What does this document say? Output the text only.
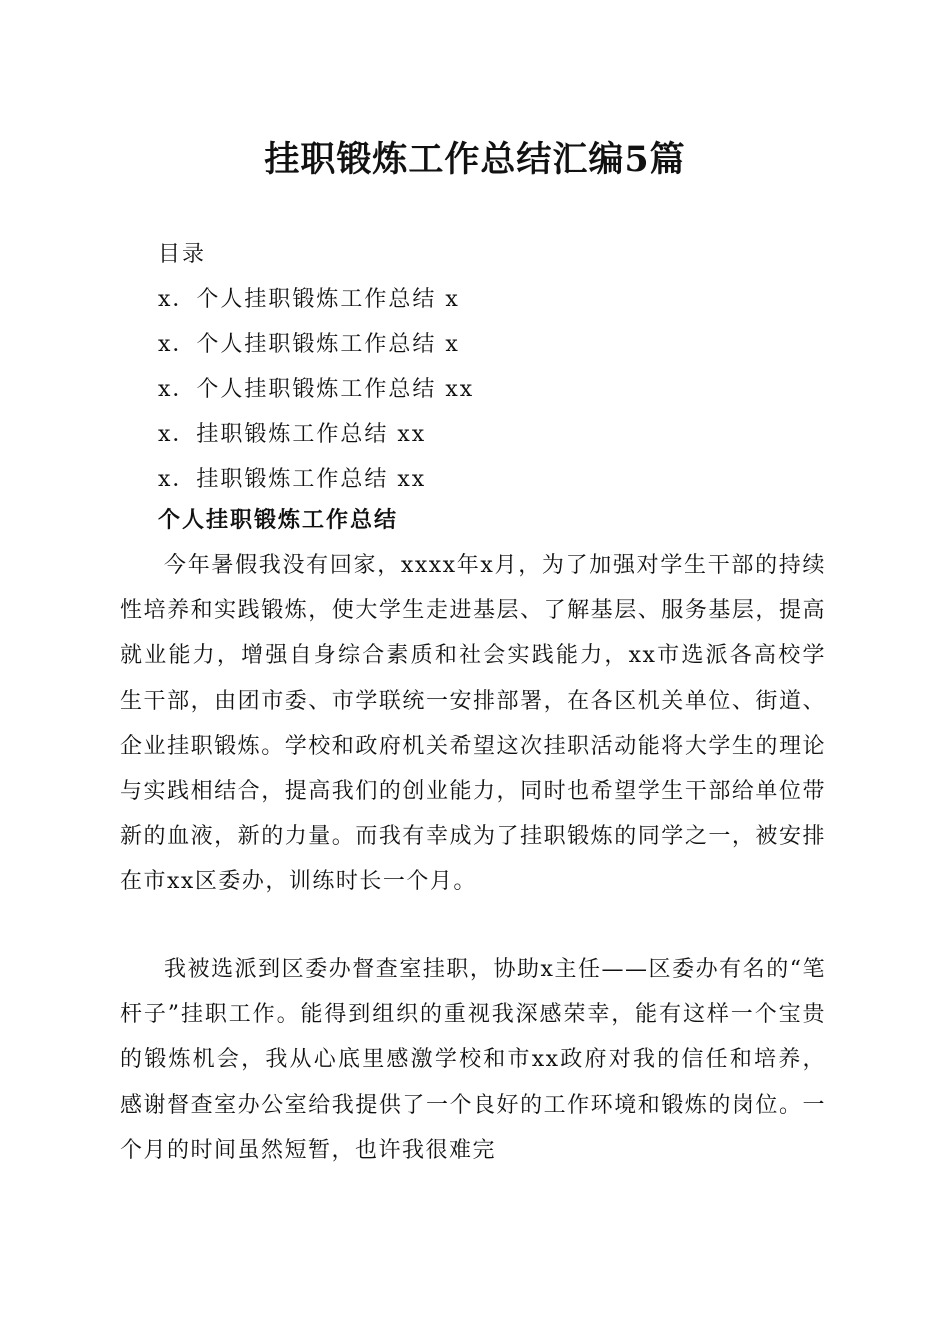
挂职锻炼工作总结汇编5篇
目录
x．个人挂职锻炼工作总结 x
x．个人挂职锻炼工作总结 x
x．个人挂职锻炼工作总结 xx
x．挂职锻炼工作总结 xx
x．挂职锻炼工作总结 xx
个人挂职锻炼工作总结

今年暑假我没有回家，xxxx年x月，为了加强对学生干部的持续性培养和实践锻炼，使大学生走进基层、了解基层、服务基层，提高就业能力，增强自身综合素质和社会实践能力，xx市选派各高校学生干部，由团市委、市学联统一安排部署，在各区机关单位、街道、企业挂职锻炼。学校和政府机关希望这次挂职活动能将大学生的理论与实践相结合，提高我们的创业能力，同时也希望学生干部给单位带新的血液，新的力量。而我有幸成为了挂职锻炼的同学之一，被安排在市xx区委办，训练时长一个月。

我被选派到区委办督查室挂职，协助x主任——区委办有名的“笔杆子”挂职工作。能得到组织的重视我深感荣幸，能有这样一个宝贵的锻炼机会，我从心底里感激学校和市xx政府对我的信任和培养，感谢督查室办公室给我提供了一个良好的工作环境和锻炼的岗位。一个月的时间虽然短暂，也许我很难完
